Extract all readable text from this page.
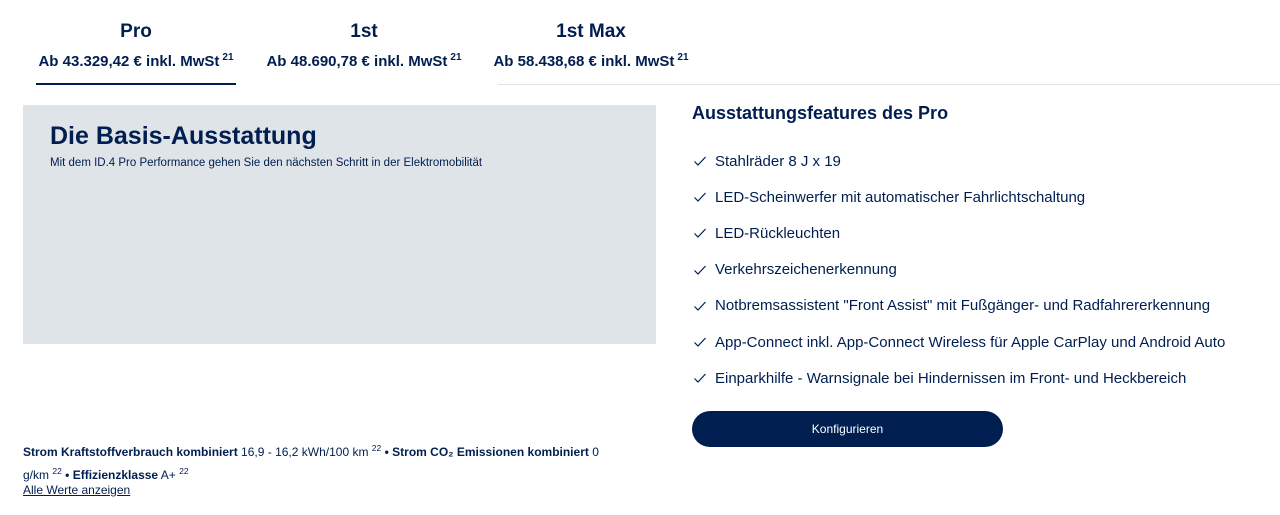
Pro
Ab 43.329,42 € inkl. MwSt $^{21}$
1st
Ab 48.690,78 € inkl. MwSt $^{21}$
1st Max
Ab 58.438,68 € inkl. MwSt $^{21}$
Die Basis-Ausstattung
Mit dem ID.4 Pro Performance gehen Sie den nächsten Schritt in der Elektromobilität
Ausstattungsfeatures des Pro
Stahlräder 8 J x 19
LED-Scheinwerfer mit automatischer Fahrlichtschaltung
LED-Rückleuchten
Verkehrszeichenerkennung
Notbremsassistent "Front Assist" mit Fußgänger- und Radfahrererkennung
App-Connect inkl. App-Connect Wireless für Apple CarPlay und Android Auto
Einparkhilfe - Warnsignale bei Hindernissen im Front- und Heckbereich
Konfigurieren
Strom Kraftstoffverbrauch kombiniert 16,9 - 16,2 kWh/100 km $^{22}$ • Strom CO₂ Emissionen kombiniert 0 g/km $^{22}$ • Effizienzklasse A+ $^{22}$
Alle Werte anzeigen
